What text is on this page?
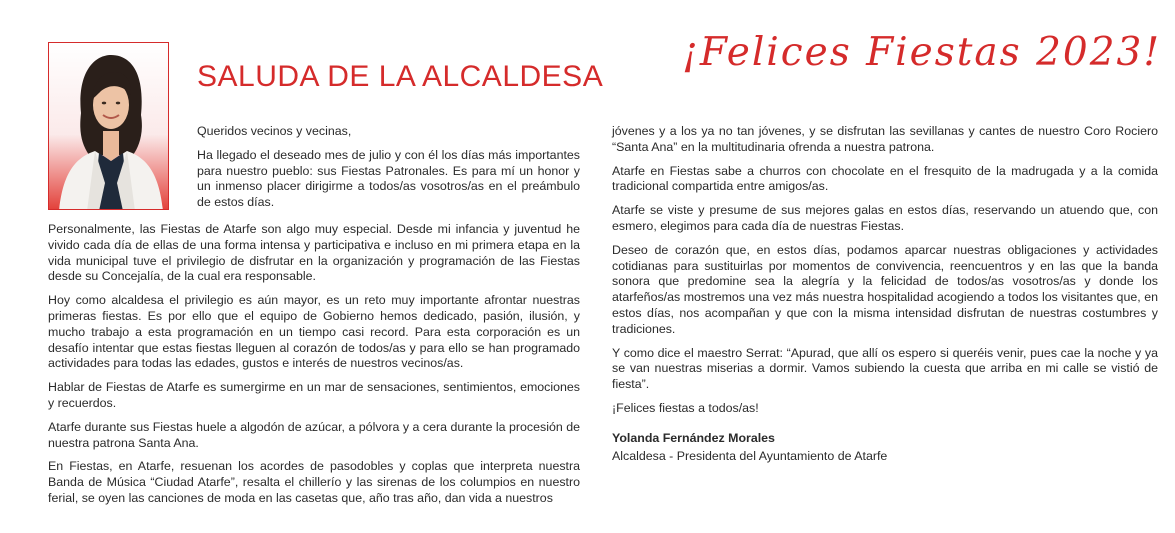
¡Felices Fiestas 2023!
SALUDA DE LA ALCALDESA

Queridos vecinos y vecinas,

Ha llegado el deseado mes de julio y con él los días más importantes para nuestro pueblo: sus Fiestas Patronales. Es para mí un honor y un inmenso placer dirigirme a todos/as vosotros/as en el preámbulo de estos días.

Personalmente, las Fiestas de Atarfe son algo muy especial. Desde mi infancia y juventud he vivido cada día de ellas de una forma intensa y participativa e incluso en mi primera etapa en la vida municipal tuve el privilegio de disfrutar en la organización y programación de las Fiestas desde su Concejalía, de la cual era responsable.

Hoy como alcaldesa el privilegio es aún mayor, es un reto muy importante afrontar nuestras primeras fiestas. Es por ello que el equipo de Gobierno hemos dedicado, pasión, ilusión, y mucho trabajo a esta programación en un tiempo casi record. Para esta corporación es un desafío intentar que estas fiestas lleguen al corazón de todos/as y para ello se han programado actividades para todas las edades, gustos e interés de nuestros vecinos/as.

Hablar de Fiestas de Atarfe es sumergirme en un mar de sensaciones, sentimientos, emociones y recuerdos.

Atarfe durante sus Fiestas huele a algodón de azúcar, a pólvora y a cera durante la procesión de nuestra patrona Santa Ana.

En Fiestas, en Atarfe, resuenan los acordes de pasodobles y coplas que interpreta nuestra Banda de Música “Ciudad Atarfe”, resalta el chillerío y las sirenas de los columpios en nuestro ferial, se oyen las canciones de moda en las casetas que, año tras año, dan vida a nuestros

jóvenes y a los ya no tan jóvenes, y se disfrutan las sevillanas y cantes de nuestro Coro Rociero “Santa Ana” en la multitudinaria ofrenda a nuestra patrona.

Atarfe en Fiestas sabe a churros con chocolate en el fresquito de la madrugada y a la comida tradicional compartida entre amigos/as.

Atarfe se viste y presume de sus mejores galas en estos días, reservando un atuendo que, con esmero, elegimos para cada día de nuestras Fiestas.

Deseo de corazón que, en estos días, podamos aparcar nuestras obligaciones y actividades cotidianas para sustituirlas por momentos de convivencia, reencuentros y en las que la banda sonora que predomine sea la alegría y la felicidad de todos/as vosotros/as y donde los atarfeños/as mostremos una vez más nuestra hospitalidad acogiendo a todos los visitantes que, en estos días, nos acompañan y que con la misma intensidad disfrutan de nuestras costumbres y tradiciones.

Y como dice el maestro Serrat: “Apurad, que allí os espero si queréis venir, pues cae la noche y ya se van nuestras miserias a dormir. Vamos subiendo la cuesta que arriba en mi calle se vistió de fiesta”.

¡Felices fiestas a todos/as!

Yolanda Fernández Morales

Alcaldesa - Presidenta del Ayuntamiento de Atarfe
